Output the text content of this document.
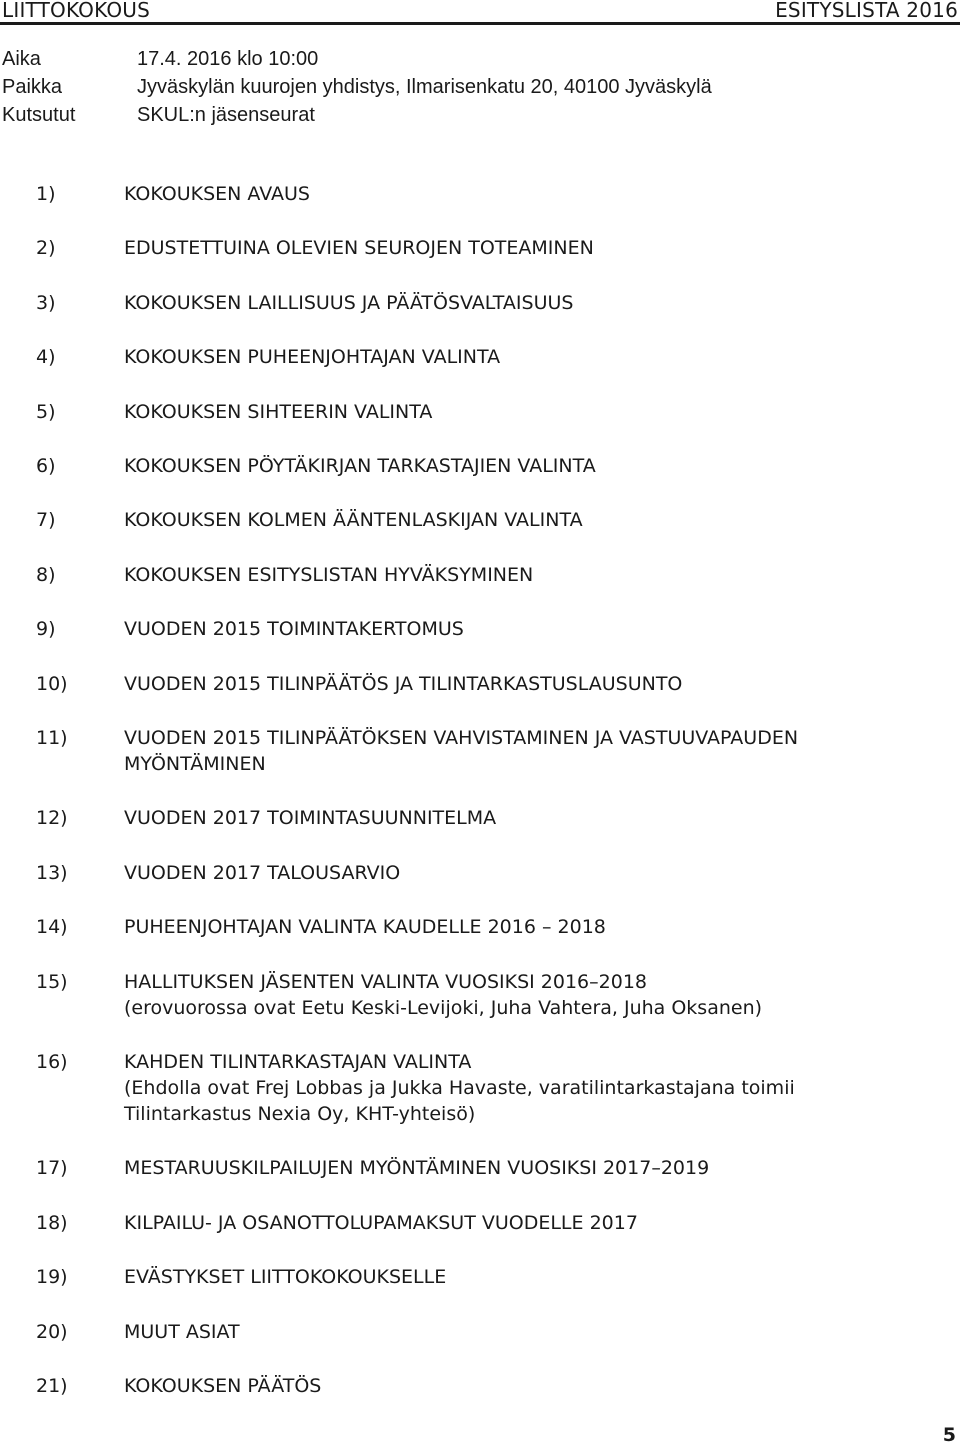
LIITTOKOKOUS	ESITYSLISTA 2016
Aika	17.4. 2016 klo 10:00
Paikka	Jyväskylän kuurojen yhdistys, Ilmarisenkatu 20, 40100 Jyväskylä
Kutsutut	SKUL:n jäsenseurat
1)	KOKOUKSEN AVAUS
2)	EDUSTETTUINA OLEVIEN SEUROJEN TOTEAMINEN
3)	KOKOUKSEN LAILLISUUS JA PÄÄTÖSVALTAISUUS
4)	KOKOUKSEN PUHEENJOHTAJAN VALINTA
5)	KOKOUKSEN SIHTEERIN VALINTA
6)	KOKOUKSEN PÖYTÄKIRJAN TARKASTAJIEN VALINTA
7)	KOKOUKSEN KOLMEN ÄÄNTENLASKIJAN VALINTA
8)	KOKOUKSEN ESITYSLISTAN HYVÄKSYMINEN
9)	VUODEN 2015 TOIMINTAKERTOMUS
10)	VUODEN 2015 TILINPÄÄTÖS JA TILINTARKASTUSLAUSUNTO
11)	VUODEN 2015 TILINPÄÄTÖKSEN VAHVISTAMINEN JA VASTUUVAPAUDEN
MYÖNTÄMINEN
12)	VUODEN 2017 TOIMINTASUUNNITELMA
13)	VUODEN 2017 TALOUSARVIO
14)	PUHEENJOHTAJAN VALINTA KAUDELLE 2016 – 2018
15)	HALLITUKSEN JÄSENTEN VALINTA VUOSIKSI 2016–2018
(erovuorossa ovat Eetu Keski-Levijoki, Juha Vahtera, Juha Oksanen)
16)	KAHDEN TILINTARKASTAJAN VALINTA
(Ehdolla ovat Frej Lobbas ja Jukka Havaste, varatilintarkastajana toimii
Tilintarkastus Nexia Oy, KHT-yhteisö)
17)	MESTARUUSKILPAILUJEN MYÖNTÄMINEN VUOSIKSI 2017–2019
18)	KILPAILU- JA OSANOTTOLUPAMAKSUT VUODELLE 2017
19)	EVÄSTYKSET LIITTOKOKOUKSELLE
20)	MUUT ASIAT
21)	KOKOUKSEN PÄÄTÖS
5
